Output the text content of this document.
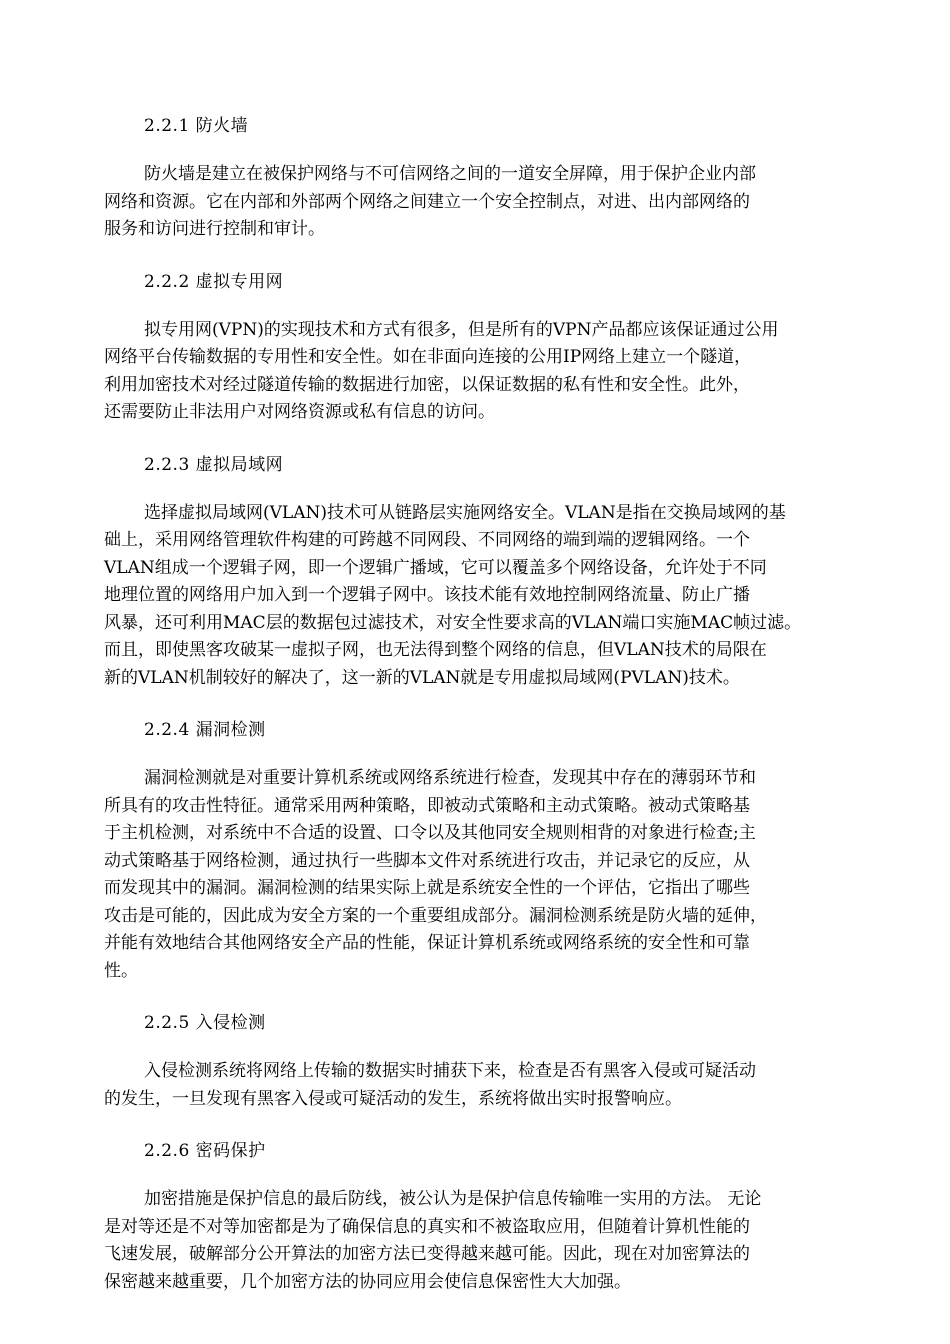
2.2.1 防火墙
防火墙是建立在被保护网络与不可信网络之间的一道安全屏障，用于保护企业内部
网络和资源。它在内部和外部两个网络之间建立一个安全控制点，对进、出内部网络的
服务和访问进行控制和审计。
2.2.2 虚拟专用网
拟专用网(VPN)的实现技术和方式有很多，但是所有的VPN产品都应该保证通过公用
网络平台传输数据的专用性和安全性。如在非面向连接的公用IP网络上建立一个隧道，
利用加密技术对经过隧道传输的数据进行加密，以保证数据的私有性和安全性。此外，
还需要防止非法用户对网络资源或私有信息的访问。
2.2.3 虚拟局域网
选择虚拟局域网(VLAN)技术可从链路层实施网络安全。VLAN是指在交换局域网的基
础上，采用网络管理软件构建的可跨越不同网段、不同网络的端到端的逻辑网络。一个
VLAN组成一个逻辑子网，即一个逻辑广播域，它可以覆盖多个网络设备，允许处于不同
地理位置的网络用户加入到一个逻辑子网中。该技术能有效地控制网络流量、防止广播
风暴，还可利用MAC层的数据包过滤技术，对安全性要求高的VLAN端口实施MAC帧过滤。
而且，即使黑客攻破某一虚拟子网，也无法得到整个网络的信息，但VLAN技术的局限在
新的VLAN机制较好的解决了，这一新的VLAN就是专用虚拟局域网(PVLAN)技术。
2.2.4 漏洞检测
漏洞检测就是对重要计算机系统或网络系统进行检查，发现其中存在的薄弱环节和
所具有的攻击性特征。通常采用两种策略，即被动式策略和主动式策略。被动式策略基
于主机检测，对系统中不合适的设置、口令以及其他同安全规则相背的对象进行检查;主
动式策略基于网络检测，通过执行一些脚本文件对系统进行攻击，并记录它的反应，从
而发现其中的漏洞。漏洞检测的结果实际上就是系统安全性的一个评估，它指出了哪些
攻击是可能的，因此成为安全方案的一个重要组成部分。漏洞检测系统是防火墙的延伸，
并能有效地结合其他网络安全产品的性能，保证计算机系统或网络系统的安全性和可靠
性。
2.2.5 入侵检测
入侵检测系统将网络上传输的数据实时捕获下来，检查是否有黑客入侵或可疑活动
的发生，一旦发现有黑客入侵或可疑活动的发生，系统将做出实时报警响应。
2.2.6 密码保护
加密措施是保护信息的最后防线，被公认为是保护信息传输唯一实用的方法。 无论
是对等还是不对等加密都是为了确保信息的真实和不被盗取应用，但随着计算机性能的
飞速发展，破解部分公开算法的加密方法已变得越来越可能。因此，现在对加密算法的
保密越来越重要，几个加密方法的协同应用会使信息保密性大大加强。
